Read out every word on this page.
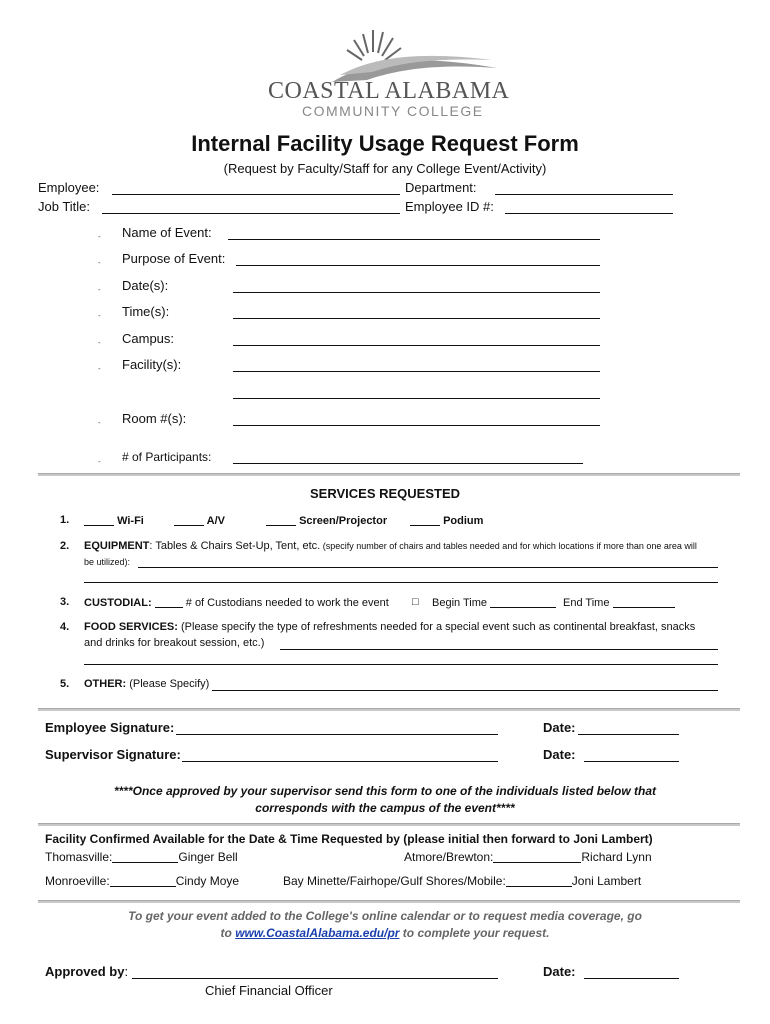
COASTAL ALABAMA
COMMUNITY COLLEGE
Internal Facility Usage Request Form
(Request by Faculty/Staff for any College Event/Activity)
Employee:	Department:
Job Title:	Employee ID #:
- Name of Event:
- Purpose of Event:
- Date(s):
- Time(s):
- Campus:
- Facility(s):
- Room #(s):
- # of Participants:
SERVICES REQUESTED
1.	Wi-Fi	A/V	Screen/Projector	Podium
2. EQUIPMENT: Tables & Chairs Set-Up, Tent, etc. (specify number of chairs and tables needed and for which locations if more than one area will
be utilized):
3. CUSTODIAL:	# of Custodians needed to work the event □ Begin Time	End Time
4. FOOD SERVICES: (Please specify the type of refreshments needed for a special event such as continental breakfast, snacks
and drinks for breakout session, etc.)
5. OTHER: (Please Specify)
Employee Signature:	Date:
Supervisor Signature:	Date:
****Once approved by your supervisor send this form to one of the individuals listed below that
corresponds with the campus of the event****
Facility Confirmed Available for the Date & Time Requested by (please initial then forward to Joni Lambert)
Thomasville:	Ginger Bell	Atmore/Brewton:	Richard Lynn
Monroeville:	Cindy Moye	Bay Minette/Fairhope/Gulf Shores/Mobile:	Joni Lambert
To get your event added to the College's online calendar or to request media coverage, go
to www.CoastalAlabama.edu/pr to complete your request.
Approved by:	Date:
Chief Financial Officer
